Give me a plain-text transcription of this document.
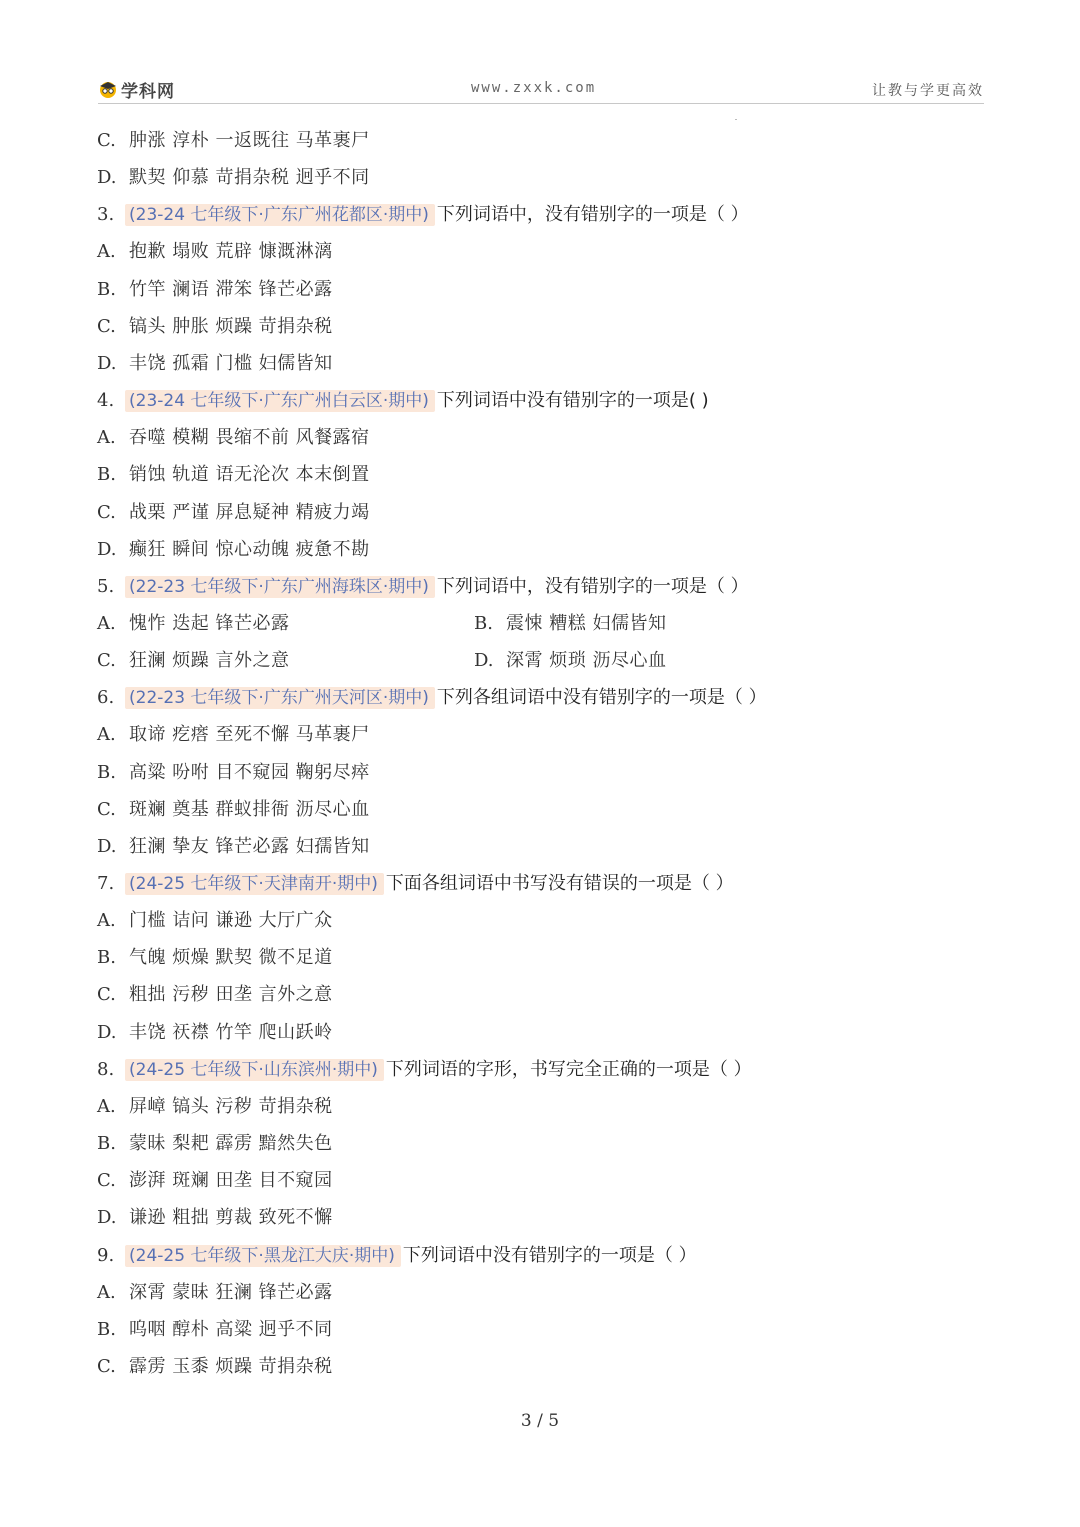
学科网	www.zxxk.com	让教与学更高效
C. 肿涨 淳朴 一返既往 马革裹尸
D. 默契 仰慕 苛捐杂税 迥乎不同
3. (23-24 七年级下·广东广州花都区·期中) 下列词语中，没有错别字的一项是（ ）
A. 抱歉 塌败 荒辟 慷溉淋漓
B. 竹竿 澜语 滞笨 锋芒必露
C. 镐头 肿胀 烦躁 苛捐杂税
D. 丰饶 孤霜 门槛 妇儒皆知
4. (23-24 七年级下·广东广州白云区·期中) 下列词语中没有错别字的一项是( )
A. 吞噬 模糊 畏缩不前 风餐露宿
B. 销蚀 轨道 语无沦次 本末倒置
C. 战栗 严谨 屏息疑神 精疲力竭
D. 癫狂 瞬间 惊心动魄 疲惫不勘
5. (22-23 七年级下·广东广州海珠区·期中) 下列词语中，没有错别字的一项是（ ）
A. 愧怍 迭起 锋芒必露	B. 震悚 糟糕 妇儒皆知
C. 狂澜 烦躁 言外之意	D. 深霄 烦琐 沥尽心血
6. (22-23 七年级下·广东广州天河区·期中) 下列各组词语中没有错别字的一项是（ ）
A. 取谛 疙瘩 至死不懈 马革裹尸
B. 高粱 吩咐 目不窥园 鞠躬尽瘁
C. 斑斓 奠基 群蚁排衙 沥尽心血
D. 狂澜 挚友 锋芒必露 妇孺皆知
7. (24-25 七年级下·天津南开·期中) 下面各组词语中书写没有错误的一项是（ ）
A. 门槛 诘问 谦逊 大厅广众
B. 气魄 烦燥 默契 微不足道
C. 粗拙 污秽 田垄 言外之意
D. 丰饶 祆襟 竹竿 爬山跃岭
8. (24-25 七年级下·山东滨州·期中) 下列词语的字形，书写完全正确的一项是（ ）
A. 屏嶂 镐头 污秽 苛捐杂税
B. 蒙昧 梨耙 霹雳 黯然失色
C. 澎湃 斑斓 田垄 目不窥园
D. 谦逊 粗拙 剪裁 致死不懈
9. (24-25 七年级下·黑龙江大庆·期中) 下列词语中没有错别字的一项是（ ）
A. 深霄 蒙昧 狂澜 锋芒必露
B. 呜咽 醇朴 高粱 迥乎不同
C. 霹雳 玉黍 烦躁 苛捐杂税
3 / 5
